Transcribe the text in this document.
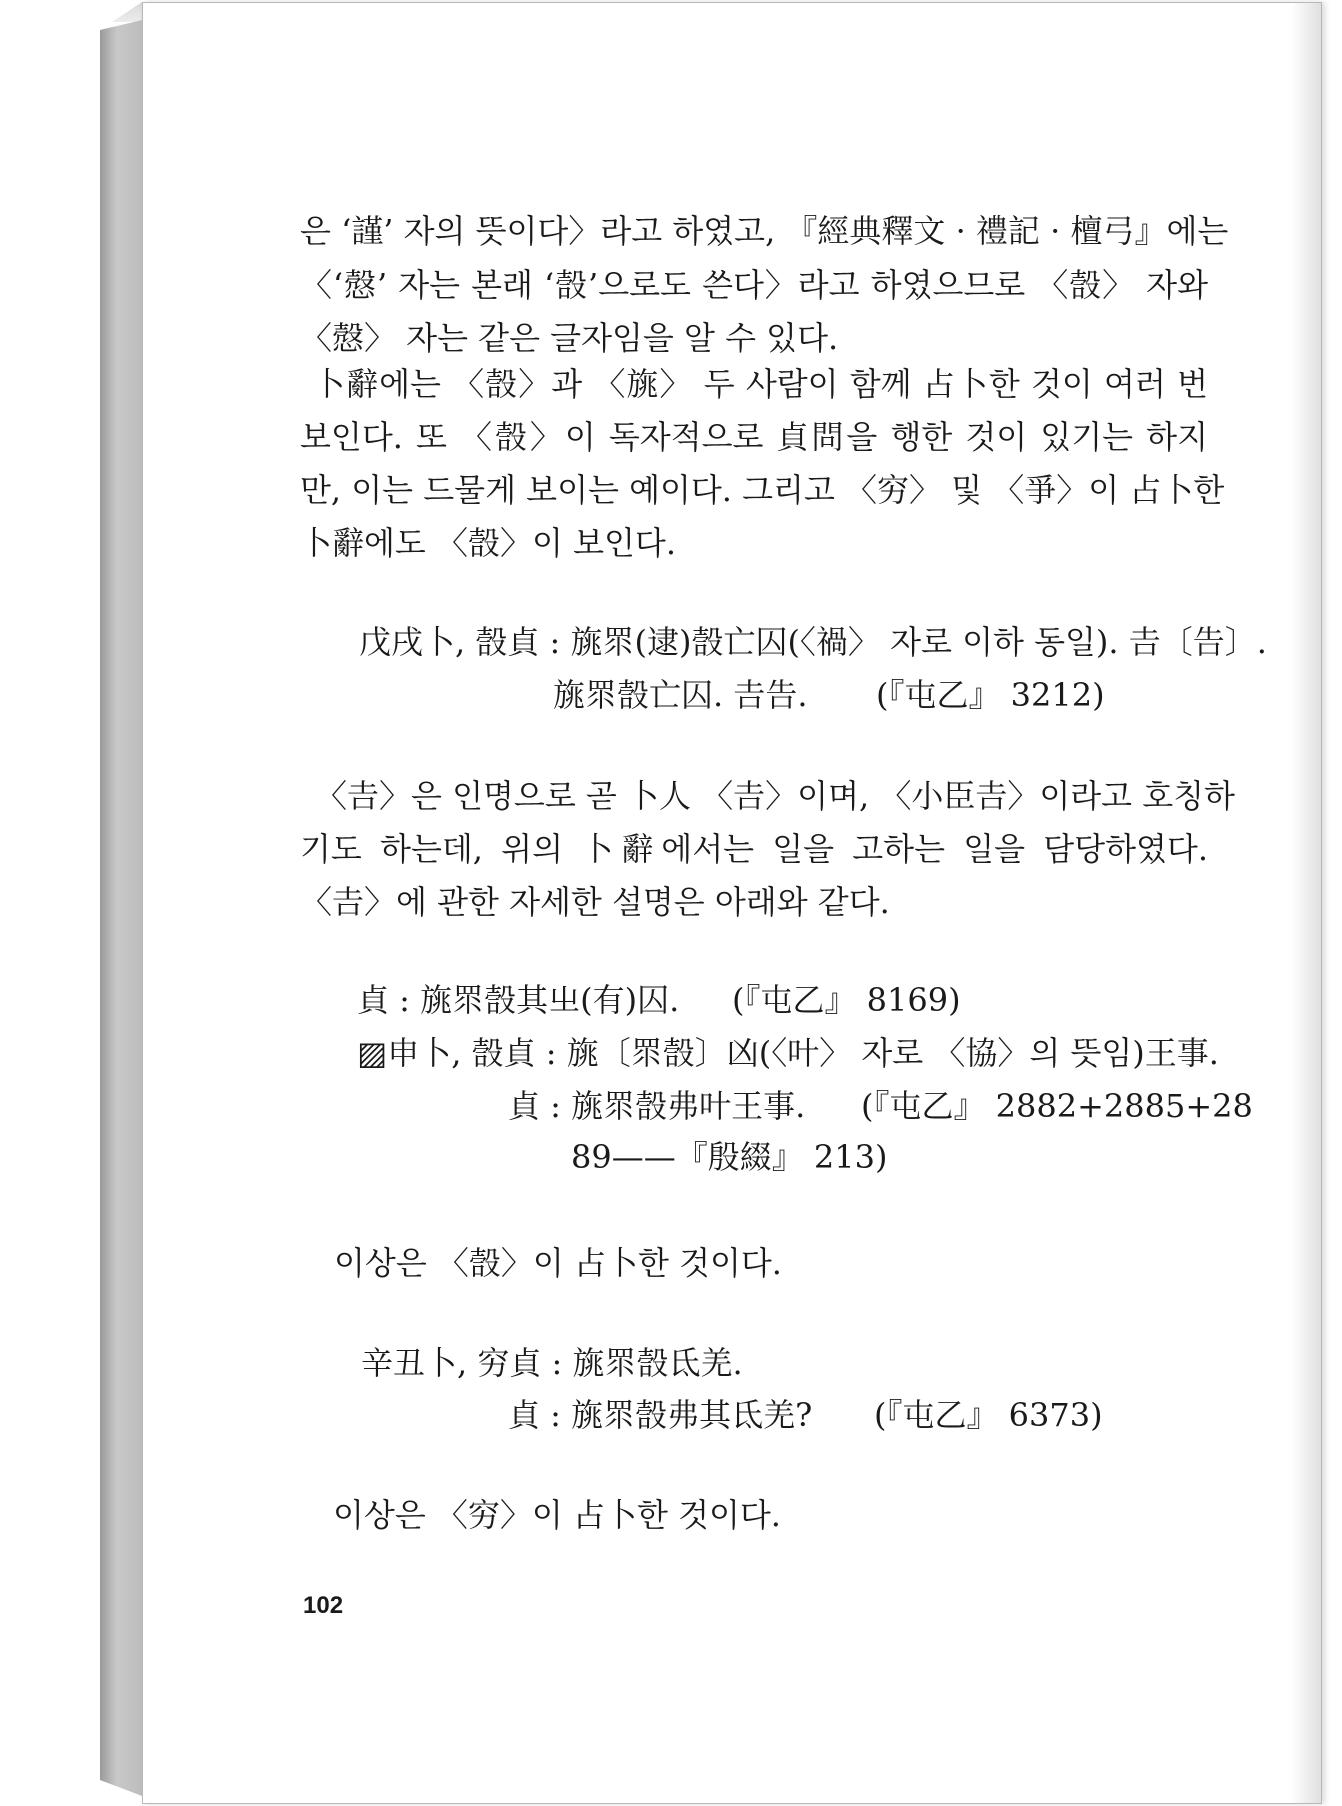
은 ‘謹’ 자의 뜻이다〉라고 하였고, 『經典釋文 · 禮記 · 檀弓』에는
〈‘慤’ 자는 본래 ‘嗀’으로도 쓴다〉라고 하였으므로 〈嗀〉 자와
〈慤〉 자는 같은 글자임을 알 수 있다.
卜辭에는 〈嗀〉과 〈旐〉 두 사람이 함께 占卜한 것이 여러 번
보인다. 또 〈嗀〉이 독자적으로 貞問을 행한 것이 있기는 하지
만, 이는 드물게 보이는 예이다. 그리고 〈穷〉 및 〈爭〉이 占卜한
卜辭에도 〈嗀〉이 보인다.
戊戌卜, 嗀貞 : 旐眔(逮)嗀亡囚(〈禍〉 자로 이하 동일). 𠮷〔告〕.
旐眔嗀亡囚. 𠮷告. (『屯乙』 3212)
〈𠮷〉은 인명으로 곧 卜人 〈𠮷〉이며, 〈小臣𠮷〉이라고 호칭하
기도 하는데, 위의 卜辭에서는 일을 고하는 일을 담당하였다.
〈𠮷〉에 관한 자세한 설명은 아래와 같다.
貞 : 旐眔嗀其㞢(有)囚. (『屯乙』 8169)
▨申卜, 嗀貞 : 旐〔眔嗀〕凶(〈叶〉 자로 〈協〉의 뜻임)王事.
貞 : 旐眔嗀弗叶王事. (『屯乙』 2882+2885+28
89——『殷綴』 213)
이상은 〈嗀〉이 占卜한 것이다.
辛丑卜, 穷貞 : 旐眔嗀氐羌.
貞 : 旐眔嗀弗其氐羌? (『屯乙』 6373)
이상은 〈穷〉이 占卜한 것이다.
102
